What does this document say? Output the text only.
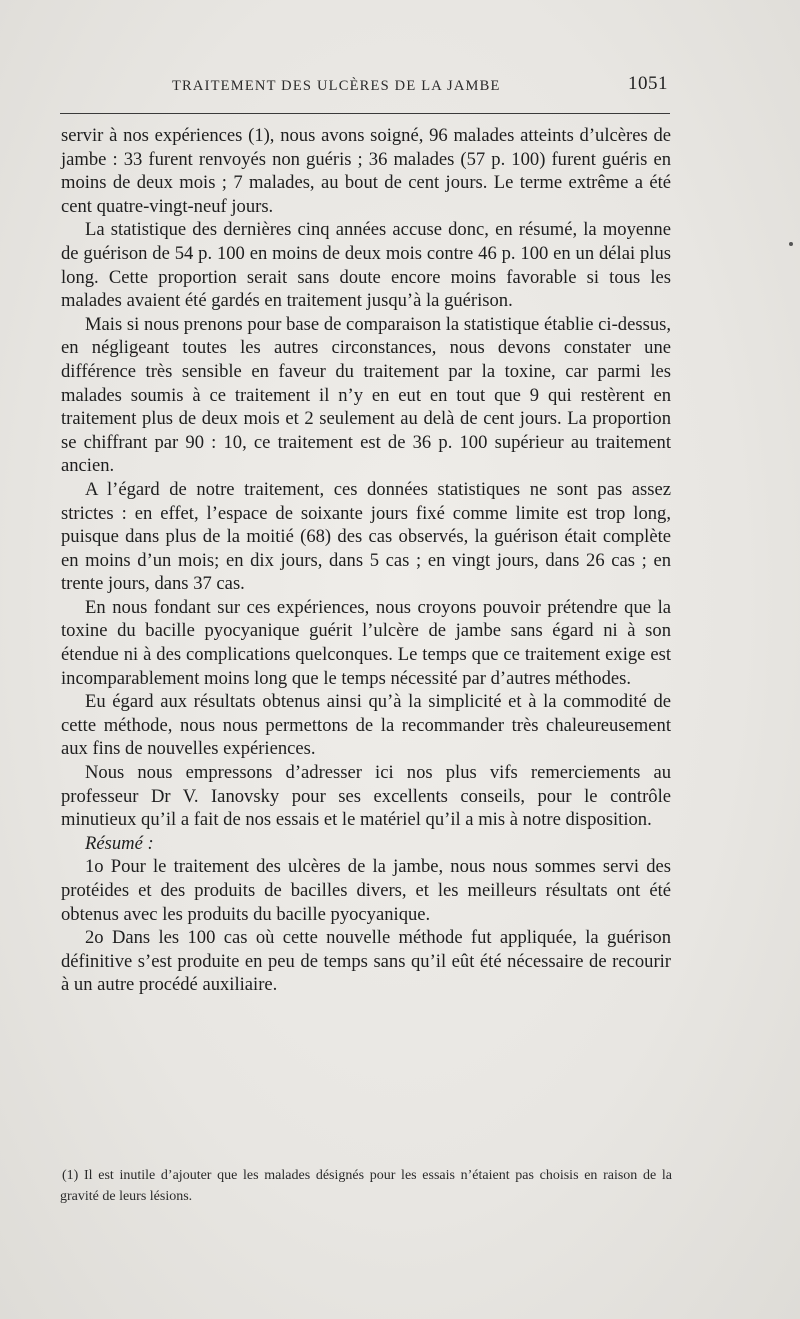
TRAITEMENT DES ULCÈRES DE LA JAMBE	1051

servir à nos expériences (1), nous avons soigné, 96 malades atteints d’ulcères de jambe : 33 furent renvoyés non guéris ; 36 malades (57 p. 100) furent guéris en moins de deux mois ; 7 malades, au bout de cent jours. Le terme extrême a été cent quatre-vingt-neuf jours.

La statistique des dernières cinq années accuse donc, en résumé, la moyenne de guérison de 54 p. 100 en moins de deux mois contre 46 p. 100 en un délai plus long. Cette proportion serait sans doute encore moins favorable si tous les malades avaient été gardés en traitement jusqu’à la guérison.

Mais si nous prenons pour base de comparaison la statistique établie ci-dessus, en négligeant toutes les autres circonstances, nous devons constater une différence très sensible en faveur du traitement par la toxine, car parmi les malades soumis à ce traitement il n’y en eut en tout que 9 qui restèrent en traitement plus de deux mois et 2 seulement au delà de cent jours. La proportion se chiffrant par 90 : 10, ce traitement est de 36 p. 100 supérieur au traitement ancien.

A l’égard de notre traitement, ces données statistiques ne sont pas assez strictes : en effet, l’espace de soixante jours fixé comme limite est trop long, puisque dans plus de la moitié (68) des cas observés, la guérison était complète en moins d’un mois; en dix jours, dans 5 cas ; en vingt jours, dans 26 cas ; en trente jours, dans 37 cas.

En nous fondant sur ces expériences, nous croyons pouvoir prétendre que la toxine du bacille pyocyanique guérit l’ulcère de jambe sans égard ni à son étendue ni à des complications quelconques. Le temps que ce traitement exige est incomparablement moins long que le temps nécessité par d’autres méthodes.

Eu égard aux résultats obtenus ainsi qu’à la simplicité et à la commodité de cette méthode, nous nous permettons de la recommander très chaleureusement aux fins de nouvelles expériences.

Nous nous empressons d’adresser ici nos plus vifs remerciements au professeur Dr V. Ianovsky pour ses excellents conseils, pour le contrôle minutieux qu’il a fait de nos essais et le matériel qu’il a mis à notre disposition.

Résumé :

1o Pour le traitement des ulcères de la jambe, nous nous sommes servi des protéides et des produits de bacilles divers, et les meilleurs résultats ont été obtenus avec les produits du bacille pyocyanique.

2o Dans les 100 cas où cette nouvelle méthode fut appliquée, la guérison définitive s’est produite en peu de temps sans qu’il eût été nécessaire de recourir à un autre procédé auxiliaire.

(1) Il est inutile d’ajouter que les malades désignés pour les essais n’étaient pas choisis en raison de la gravité de leurs lésions.
